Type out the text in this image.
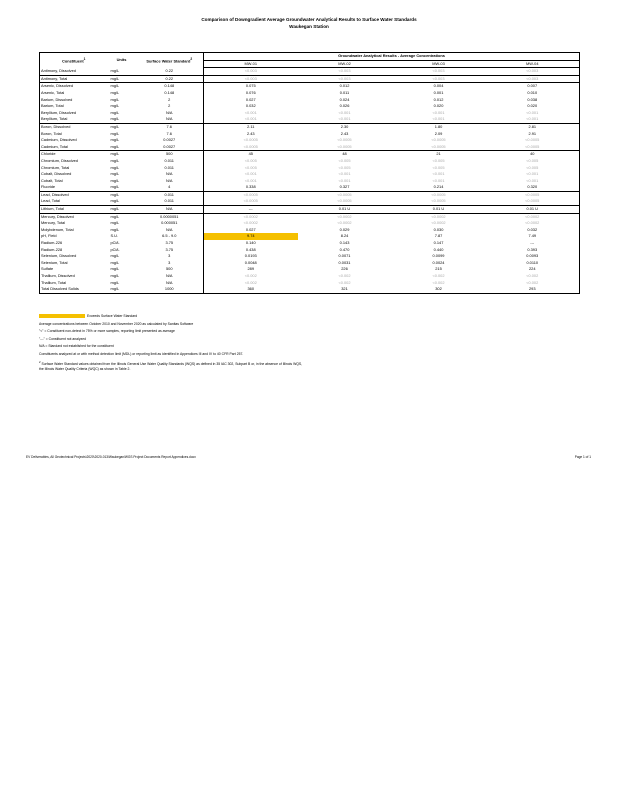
Comparison of Downgradient Average Groundwater Analytical Results to Surface Water Standards
Waukegan Station
Constituent$^1$	Units	Surface Water Standard$^2$	Groundwater Analytical Results - Average Concentrations			
			MW-01	MW-02	MW-03	MW-04
Antimony, Dissolved	mg/L	0.22	<0.003	<0.003	<0.003	<0.003
Antimony, Total	mg/L	0.22	<0.003	<0.003	<0.003	<0.003
Arsenic, Dissolved	mg/L	0.148	0.075	0.012	0.004	0.007
Arsenic, Total	mg/L	0.148	0.076	0.011	0.001	0.010
Barium, Dissolved	mg/L	2	0.027	0.024	0.012	0.038
Barium, Total	mg/L	2	0.032	0.026	0.020	0.020
Beryllium, Dissolved	mg/L	N/A	<0.001	<0.001	<0.001	<0.001
Beryllium, Total	mg/L	N/A	<0.001	<0.001	<0.001	<0.001
Boron, Dissolved	mg/L	7.6	2.11	2.30	1.80	2.81
Boron, Total	mg/L	7.6	2.43	2.43	2.09	2.91
Cadmium, Dissolved	mg/L	0.0027	<0.0005	<0.0005	<0.0005	<0.0005
Cadmium, Total	mg/L	0.0027	<0.0005	<0.0005	<0.0005	<0.0005
Chloride	mg/L	500	45	48	21	40
Chromium, Dissolved	mg/L	0.011	<0.005	<0.005	<0.005	<0.005
Chromium, Total	mg/L	0.011	<0.005	<0.005	<0.005	<0.005
Cobalt, Dissolved	mg/L	N/A	<0.001	<0.001	<0.001	<0.001
Cobalt, Total	mg/L	N/A	<0.001	<0.001	<0.001	<0.001
Fluoride	mg/L	4	0.338	0.327	0.214	0.320
Lead, Dissolved	mg/L	0.011	<0.0005	<0.0005	<0.0005	<0.0005
Lead, Total	mg/L	0.011	<0.0005	<0.0005	<0.0005	<0.0005
Lithium, Total	mg/L	N/A	---	0.01 U	0.01 U	0.01 U
Mercury, Dissolved	mg/L	0.0000051	<0.0002	<0.0002	<0.0002	<0.0002
Mercury, Total	mg/L	0.000051	<0.0002	<0.0002	<0.0002	<0.0002
Molybdenum, Total	mg/L	N/A	0.027	0.029	0.030	0.032
pH, Field	S.U.	6.5 - 9.0	9.74	8.24	7.87	7.49
Radium-226	pCi/L	3.75	0.140	0.143	0.147	---
Radium-228	pCi/L	3.75	0.438	0.470	0.440	0.393
Selenium, Dissolved	mg/L	3	0.0193	0.0071	0.0099	0.0093
Selenium, Total	mg/L	3	0.0048	0.0031	0.0024	0.0110
Sulfate	mg/L	500	289	226	215	224
Thallium, Dissolved	mg/L	N/A	<0.002	<0.002	<0.002	<0.002
Thallium, Total	mg/L	N/A	<0.002	<0.002	<0.002	<0.002
Total Dissolved Solids	mg/L	1000	360	321	302	293
Exceeds Surface Water Standard
Average concentrations between October 2010 and November 2020 as calculated by Sanitas Software
"<" = Constituent non-detect in 75% or more samples, reporting limit presented as average
"---" = Constituent not analyzed
N/A = Standard not established for the constituent
Constituents analyzed at or with method detection limit (MDL) or reporting limit as identified in Appendices III and IV to 40 CFR Part 257.
$^2$ Surface Water Standard values obtained from the Illinois General Use Water Quality Standards (WQS) as defined in 35 IAC 302, Subpart B or, in the absence of Illinois WQS,
the Illinois Water Quality Criteria (WQC) as shown in Table 2.
EV Deliverables, All Geotechnical Projects\2020\2020-013\Waukegan\WGS Project Documents Report Appendices.docx	Page 1 of 1
